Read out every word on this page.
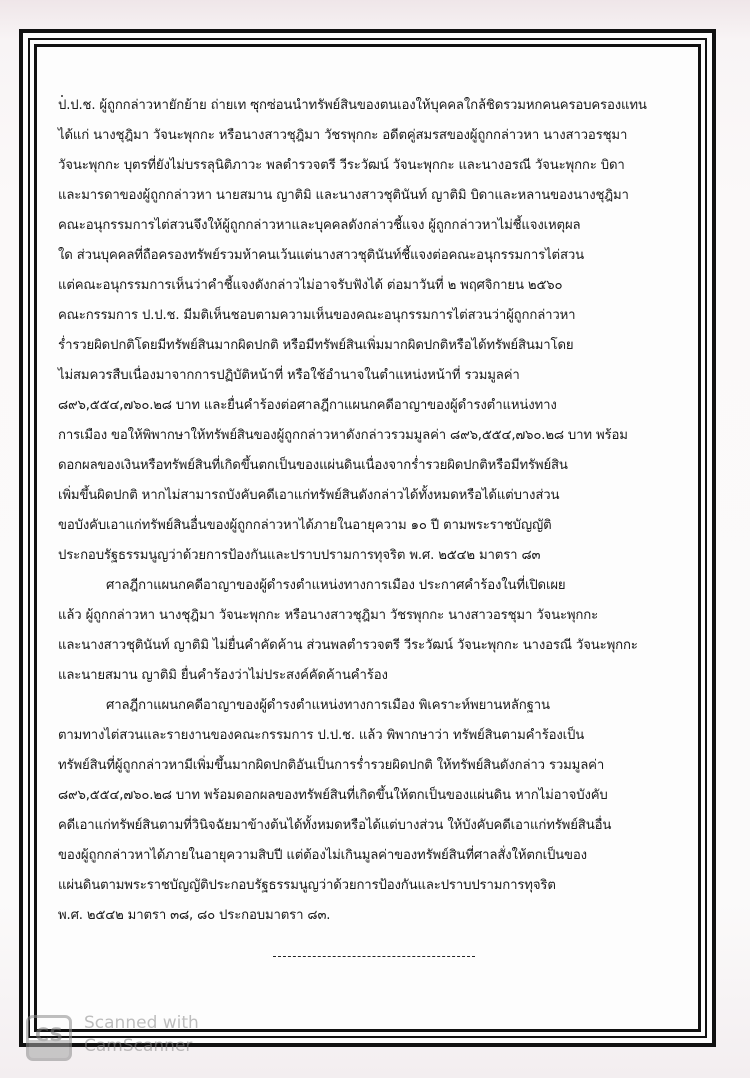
ป.ป.ช. ผู้ถูกกล่าวหายักย้าย ถ่ายเท ซุกซ่อนนำทรัพย์สินของตนเองให้บุคคลใกล้ชิดรวมหกคนครอบครองแทน
ได้แก่ นางชุฎิมา วัจนะพุกกะ หรือนางสาวชุฎิมา วัชรพุกกะ อดีตคู่สมรสของผู้ถูกกล่าวหา นางสาวอรชุมา
วัจนะพุกกะ บุตรที่ยังไม่บรรลุนิติภาวะ พลตำรวจตรี วีระวัฒน์ วัจนะพุกกะ และนางอรณี วัจนะพุกกะ บิดา
และมารดาของผู้ถูกกล่าวหา นายสมาน ญาติมิ และนางสาวชุตินันท์ ญาติมิ บิดาและหลานของนางชุฎิมา
คณะอนุกรรมการไต่สวนจึงให้ผู้ถูกกล่าวหาและบุคคลดังกล่าวชี้แจง ผู้ถูกกล่าวหาไม่ชี้แจงเหตุผล
ใด ส่วนบุคคลที่ถือครองทรัพย์รวมห้าคนเว้นแต่นางสาวชุตินันท์ชี้แจงต่อคณะอนุกรรมการไต่สวน
แต่คณะอนุกรรมการเห็นว่าคำชี้แจงดังกล่าวไม่อาจรับฟังได้ ต่อมาวันที่ ๒ พฤศจิกายน ๒๕๖๐
คณะกรรมการ ป.ป.ช. มีมติเห็นชอบตามความเห็นของคณะอนุกรรมการไต่สวนว่าผู้ถูกกล่าวหา
ร่ำรวยผิดปกติโดยมีทรัพย์สินมากผิดปกติ หรือมีทรัพย์สินเพิ่มมากผิดปกติหรือได้ทรัพย์สินมาโดย
ไม่สมควรสืบเนื่องมาจากการปฏิบัติหน้าที่ หรือใช้อำนาจในตำแหน่งหน้าที่ รวมมูลค่า
๘๙๖,๕๕๔,๗๖๐.๒๘ บาท และยื่นคำร้องต่อศาลฎีกาแผนกคดีอาญาของผู้ดำรงตำแหน่งทาง
การเมือง ขอให้พิพากษาให้ทรัพย์สินของผู้ถูกกล่าวหาดังกล่าวรวมมูลค่า ๘๙๖,๕๕๔,๗๖๐.๒๘ บาท พร้อม
ดอกผลของเงินหรือทรัพย์สินที่เกิดขึ้นตกเป็นของแผ่นดินเนื่องจากร่ำรวยผิดปกติหรือมีทรัพย์สิน
เพิ่มขึ้นผิดปกติ หากไม่สามารถบังคับคดีเอาแก่ทรัพย์สินดังกล่าวได้ทั้งหมดหรือได้แต่บางส่วน
ขอบังคับเอาแก่ทรัพย์สินอื่นของผู้ถูกกล่าวหาได้ภายในอายุความ ๑๐ ปี ตามพระราชบัญญัติ
ประกอบรัฐธรรมนูญว่าด้วยการป้องกันและปราบปรามการทุจริต พ.ศ. ๒๕๔๒ มาตรา ๘๓
ศาลฎีกาแผนกคดีอาญาของผู้ดำรงตำแหน่งทางการเมือง ประกาศคำร้องในที่เปิดเผย
แล้ว ผู้ถูกกล่าวหา นางชุฎิมา วัจนะพุกกะ หรือนางสาวชุฎิมา วัชรพุกกะ นางสาวอรชุมา วัจนะพุกกะ
และนางสาวชุตินันท์ ญาติมิ ไม่ยื่นคำคัดค้าน ส่วนพลตำรวจตรี วีระวัฒน์ วัจนะพุกกะ นางอรณี วัจนะพุกกะ
และนายสมาน ญาติมิ ยื่นคำร้องว่าไม่ประสงค์คัดค้านคำร้อง
ศาลฎีกาแผนกคดีอาญาของผู้ดำรงตำแหน่งทางการเมือง พิเคราะห์พยานหลักฐาน
ตามทางไต่สวนและรายงานของคณะกรรมการ ป.ป.ช. แล้ว พิพากษาว่า ทรัพย์สินตามคำร้องเป็น
ทรัพย์สินที่ผู้ถูกกล่าวหามีเพิ่มขึ้นมากผิดปกติอันเป็นการร่ำรวยผิดปกติ ให้ทรัพย์สินดังกล่าว รวมมูลค่า
๘๙๖,๕๕๔,๗๖๐.๒๘ บาท พร้อมดอกผลของทรัพย์สินที่เกิดขึ้นให้ตกเป็นของแผ่นดิน หากไม่อาจบังคับ
คดีเอาแก่ทรัพย์สินตามที่วินิจฉัยมาข้างต้นได้ทั้งหมดหรือได้แต่บางส่วน ให้บังคับคดีเอาแก่ทรัพย์สินอื่น
ของผู้ถูกกล่าวหาได้ภายในอายุความสิบปี แต่ต้องไม่เกินมูลค่าของทรัพย์สินที่ศาลสั่งให้ตกเป็นของ
แผ่นดินตามพระราชบัญญัติประกอบรัฐธรรมนูญว่าด้วยการป้องกันและปราบปรามการทุจริต
พ.ศ. ๒๕๔๒ มาตรา ๓๘, ๘๐ ประกอบมาตรา ๘๓.
CS
Scanned with
CamScanner
